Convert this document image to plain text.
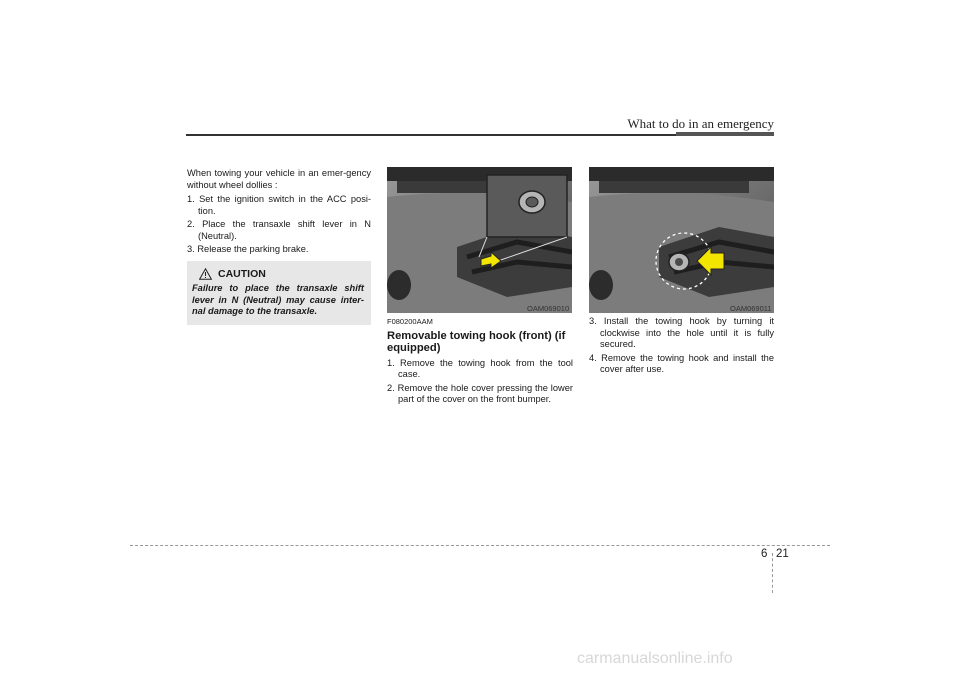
What to do in an emergency

When towing your vehicle in an emer-gency without wheel dollies :

1. Set the ignition switch in the ACC posi-tion.
2. Place the transaxle shift lever in N (Neutral).
3. Release the parking brake.
CAUTION
Failure to place the transaxle shift lever in N (Neutral) may cause inter-nal damage to the transaxle.	OAM069010	OAM069011
F080200AAM
Removable towing hook (front) (if equipped)
1. Remove the towing hook from the tool case.
2. Remove the hole cover pressing the lower part of the cover on the front bumper.
3. Install the towing hook by turning it clockwise into the hole until it is fully secured.
4. Remove the towing hook and install the cover after use.
6 21
carmanualsonline.info
